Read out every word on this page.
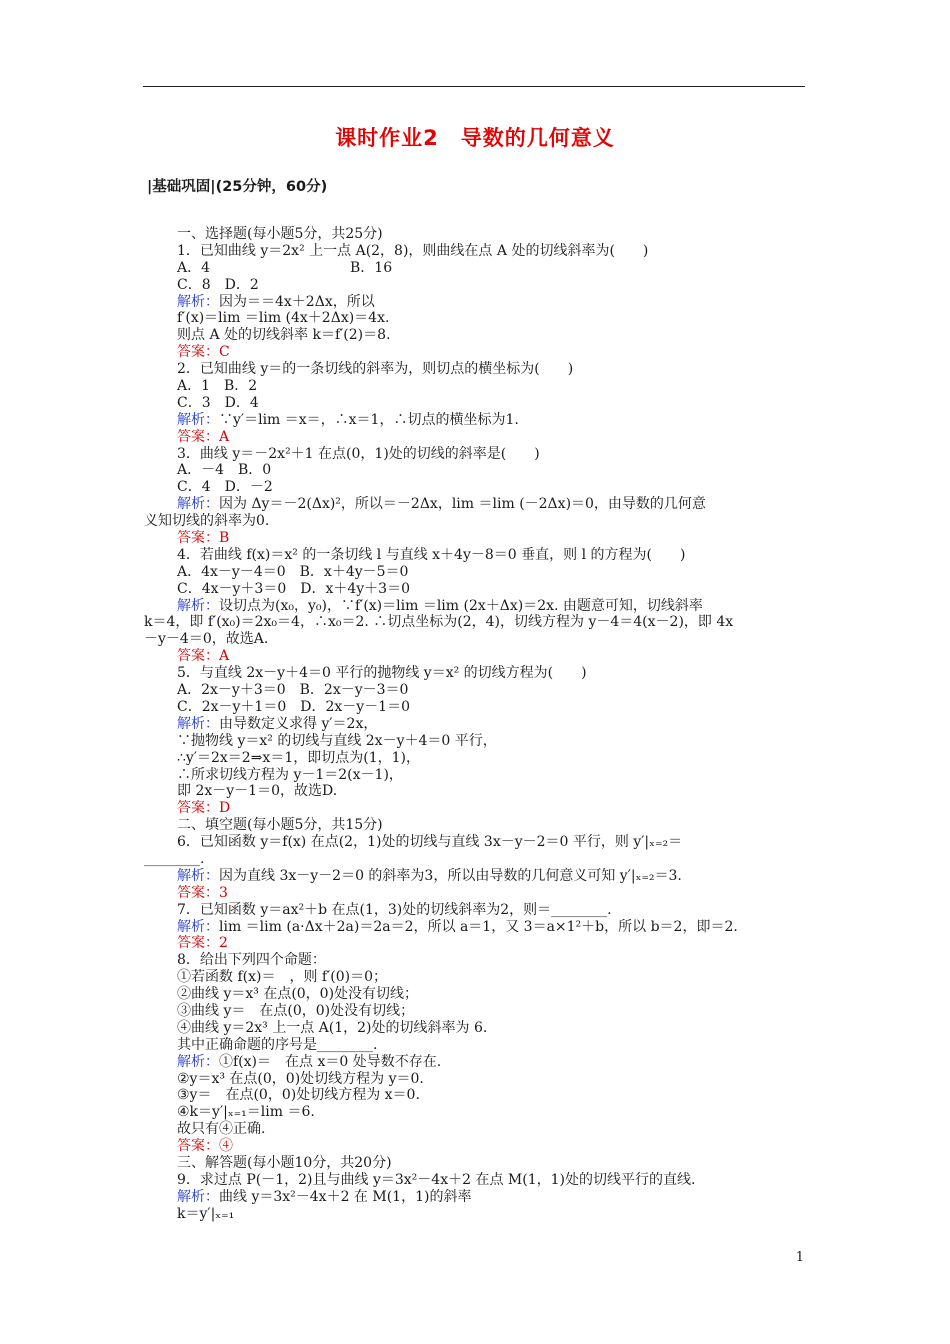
课时作业2　导数的几何意义
|基础巩固|(25分钟，60分)
一、选择题(每小题5分，共25分)
1．已知曲线 y＝2x² 上一点 A(2，8)，则曲线在点 A 处的切线斜率为(　　)
A．4　　　　　　　　　　B．16
C．8　D．2
解析：因为＝＝4x＋2Δx，所以
f′(x)＝lim ＝lim (4x＋2Δx)＝4x.
则点 A 处的切线斜率 k＝f′(2)＝8.
答案：C
2．已知曲线 y＝的一条切线的斜率为，则切点的横坐标为(　　)
A．1　B．2
C．3　D．4
解析：∵y′＝lim ＝x＝，∴x＝1，∴切点的横坐标为1.
答案：A
3．曲线 y＝－2x²＋1 在点(0，1)处的切线的斜率是(　　)
A．－4　B．0
C．4　D．－2
解析：因为 Δy＝－2(Δx)²，所以＝－2Δx，lim ＝lim (－2Δx)＝0，由导数的几何意
义知切线的斜率为0.
答案：B
4．若曲线 f(x)＝x² 的一条切线 l 与直线 x＋4y－8＝0 垂直，则 l 的方程为(　　)
A．4x－y－4＝0　B．x＋4y－5＝0
C．4x－y＋3＝0　D．x＋4y＋3＝0
解析：设切点为(x₀，y₀)，∵f′(x)＝lim ＝lim (2x＋Δx)＝2x. 由题意可知，切线斜率
k＝4，即 f′(x₀)＝2x₀＝4，∴x₀＝2. ∴切点坐标为(2，4)，切线方程为 y－4＝4(x－2)，即 4x
－y－4＝0，故选A.
答案：A
5．与直线 2x－y＋4＝0 平行的抛物线 y＝x² 的切线方程为(　　)
A．2x－y＋3＝0　B．2x－y－3＝0
C．2x－y＋1＝0　D．2x－y－1＝0
解析：由导数定义求得 y′＝2x，
∵抛物线 y＝x² 的切线与直线 2x－y＋4＝0 平行，
∴y′＝2x＝2⇒x＝1，即切点为(1，1)，
∴所求切线方程为 y－1＝2(x－1)，
即 2x－y－1＝0，故选D.
答案：D
二、填空题(每小题5分，共15分)
6．已知函数 y＝f(x) 在点(2，1)处的切线与直线 3x－y－2＝0 平行，则 y′|ₓ₌₂＝
________.
解析：因为直线 3x－y－2＝0 的斜率为3，所以由导数的几何意义可知 y′|ₓ₌₂＝3.
答案：3
7．已知函数 y＝ax²＋b 在点(1，3)处的切线斜率为2，则＝________.
解析：lim ＝lim (a·Δx＋2a)＝2a＝2，所以 a＝1，又 3＝a×1²＋b，所以 b＝2，即＝2.
答案：2
8．给出下列四个命题：
①若函数 f(x)＝　，则 f′(0)＝0；
②曲线 y＝x³ 在点(0，0)处没有切线；
③曲线 y＝　在点(0，0)处没有切线；
④曲线 y＝2x³ 上一点 A(1，2)处的切线斜率为 6.
其中正确命题的序号是________.
解析：①f(x)＝　在点 x＝0 处导数不存在.
②y＝x³ 在点(0，0)处切线方程为 y＝0.
③y＝　在点(0，0)处切线方程为 x＝0.
④k＝y′|ₓ₌₁＝lim ＝6.
故只有④正确.
答案：④
三、解答题(每小题10分，共20分)
9．求过点 P(－1，2)且与曲线 y＝3x²－4x＋2 在点 M(1，1)处的切线平行的直线.
解析：曲线 y＝3x²－4x＋2 在 M(1，1)的斜率
k＝y′|ₓ₌₁
1
